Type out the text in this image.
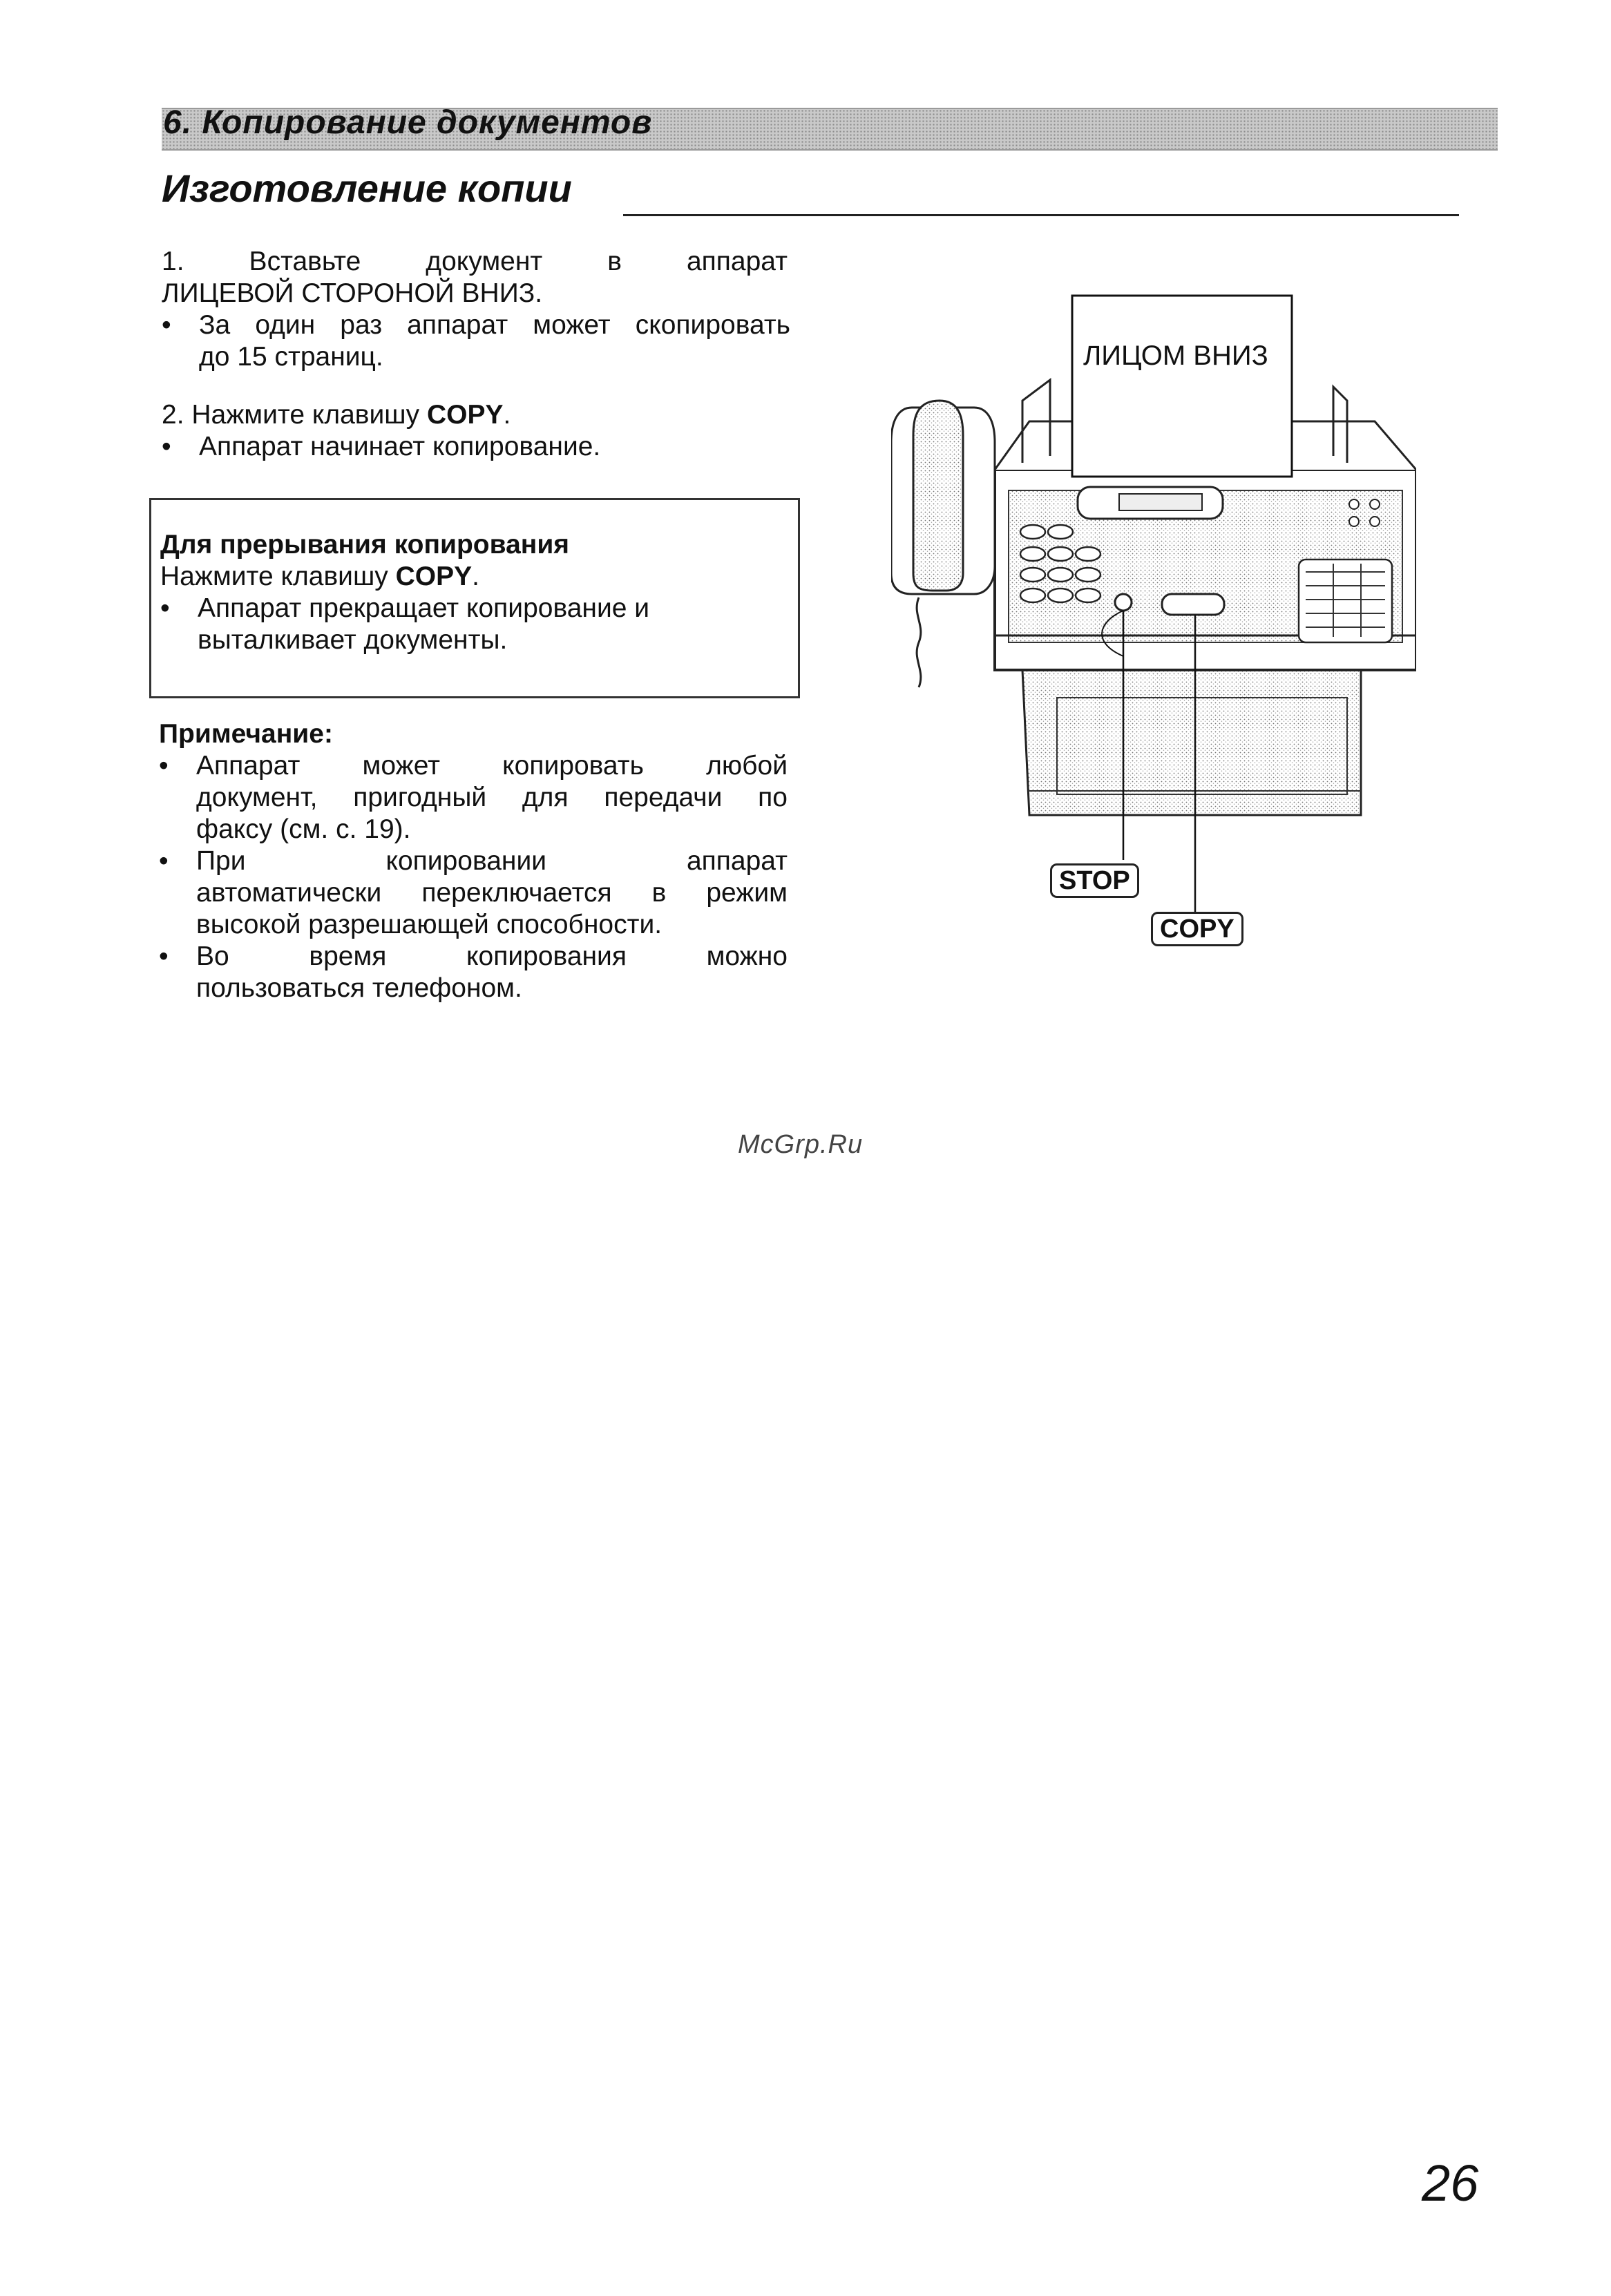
6. Копирование документов
Изготовление копии
1. Вставьте документ в аппарат
ЛИЦЕВОЙ СТОРОНОЙ ВНИЗ.
•	За один раз аппарат может скопировать
до 15 страниц.
2. Нажмите клавишу COPY.
•	Аппарат начинает копирование.
Для прерывания копирования
Нажмите клавишу COPY.
•	Аппарат прекращает копирование и
выталкивает документы.
Примечание:
•	Аппарат может копировать любой
документ, пригодный для передачи по
факсу (см. с. 19).
•	При копировании аппарат
автоматически переключается в режим
высокой разрешающей способности.
•	Во время копирования можно
пользоваться телефоном.
ЛИЦОМ ВНИЗ
STOP
COPY
McGrp.Ru
26
